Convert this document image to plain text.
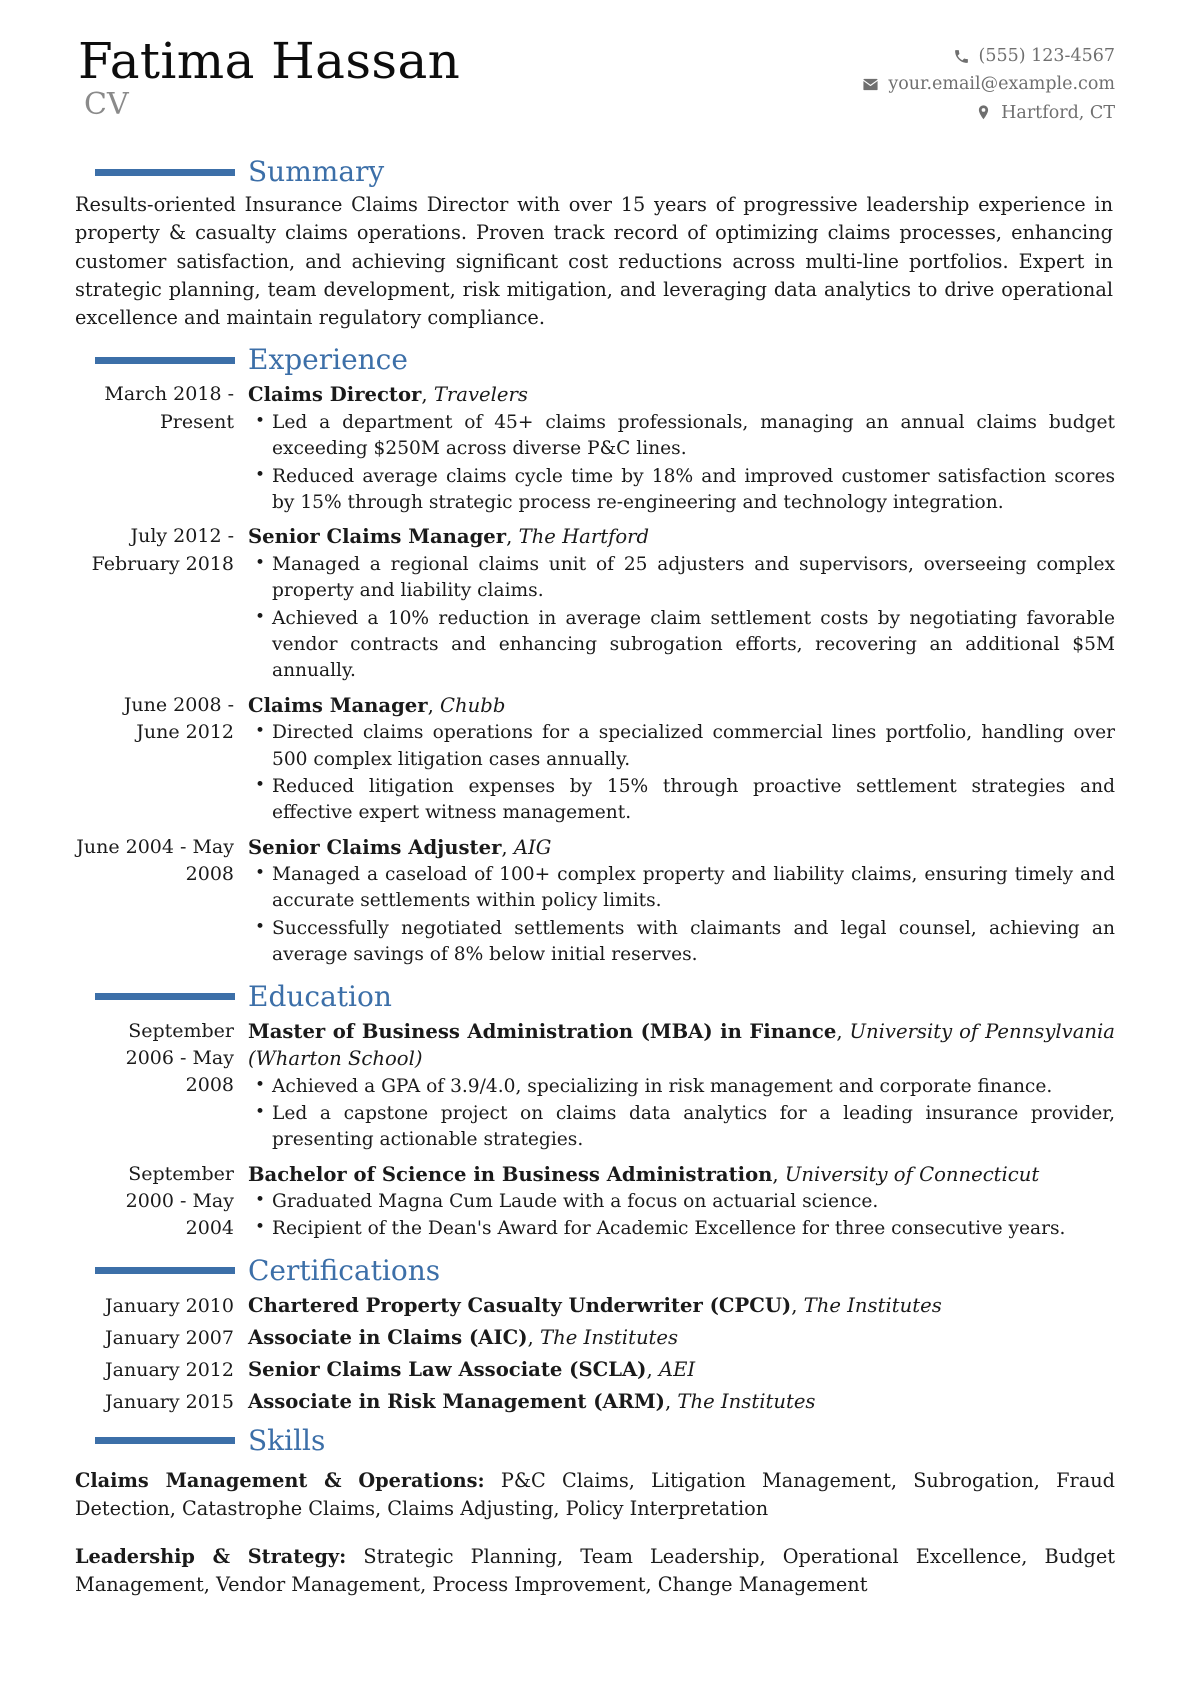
Fatima Hassan
CV
(555) 123-4567
your.email@example.com
Hartford, CT
Summary

Results-oriented Insurance Claims Director with over 15 years of progressive leadership experience in property & casualty claims operations. Proven track record of optimizing claims processes, enhancing customer satisfaction, and achieving significant cost reductions across multi-line portfolios. Expert in strategic planning, team development, risk mitigation, and leveraging data analytics to drive operational excellence and maintain regulatory compliance.

Experience
March 2018 - Present
Claims Director, Travelers
• Led a department of 45+ claims professionals, managing an annual claims budget exceeding $250M across diverse P&C lines.
• Reduced average claims cycle time by 18% and improved customer satisfaction scores by 15% through strategic process re-engineering and technology integration.
July 2012 - February 2018
Senior Claims Manager, The Hartford
• Managed a regional claims unit of 25 adjusters and supervisors, overseeing complex property and liability claims.
• Achieved a 10% reduction in average claim settlement costs by negotiating favorable vendor contracts and enhancing subrogation efforts, recovering an additional $5M annually.
June 2008 - June 2012
Claims Manager, Chubb
• Directed claims operations for a specialized commercial lines portfolio, handling over 500 complex litigation cases annually.
• Reduced litigation expenses by 15% through proactive settlement strategies and effective expert witness management.
June 2004 - May 2008
Senior Claims Adjuster, AIG
• Managed a caseload of 100+ complex property and liability claims, ensuring timely and accurate settlements within policy limits.
• Successfully negotiated settlements with claimants and legal counsel, achieving an average savings of 8% below initial reserves.
Education
September 2006 - May 2008
Master of Business Administration (MBA) in Finance, University of Pennsylvania (Wharton School)
• Achieved a GPA of 3.9/4.0, specializing in risk management and corporate finance.
• Led a capstone project on claims data analytics for a leading insurance provider, presenting actionable strategies.
September 2000 - May 2004
Bachelor of Science in Business Administration, University of Connecticut
• Graduated Magna Cum Laude with a focus on actuarial science.
• Recipient of the Dean's Award for Academic Excellence for three consecutive years.
Certifications
January 2010 Chartered Property Casualty Underwriter (CPCU), The Institutes
January 2007 Associate in Claims (AIC), The Institutes
January 2012 Senior Claims Law Associate (SCLA), AEI
January 2015 Associate in Risk Management (ARM), The Institutes
Skills

Claims Management & Operations: P&C Claims, Litigation Management, Subrogation, Fraud Detection, Catastrophe Claims, Claims Adjusting, Policy Interpretation

Leadership & Strategy: Strategic Planning, Team Leadership, Operational Excellence, Budget Management, Vendor Management, Process Improvement, Change Management
